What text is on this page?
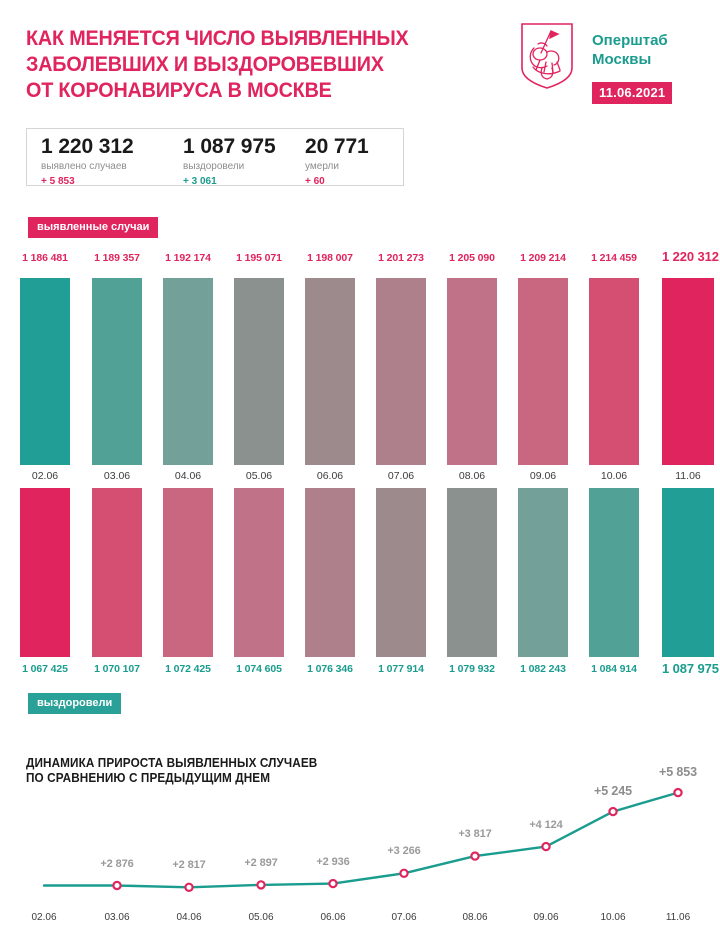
КАК МЕНЯЕТСЯ ЧИСЛО ВЫЯВЛЕННЫХ
ЗАБОЛЕВШИХ И ВЫЗДОРОВЕВШИХ
ОТ КОРОНАВИРУСА В МОСКВЕ
Оперштаб
Москвы
11.06.2021
1 220 312
выявлено случаев
+ 5 853
1 087 975
выздоровели
+ 3 061
20 771
умерли
+ 60
выявленные случаи
выздоровели
1 186 481
02.06
1 067 425
1 189 357
03.06
1 070 107
1 192 174
04.06
1 072 425
1 195 071
05.06
1 074 605
1 198 007
06.06
1 076 346
1 201 273
07.06
1 077 914
1 205 090
08.06
1 079 932
1 209 214
09.06
1 082 243
1 214 459
10.06
1 084 914
1 220 312
11.06
1 087 975
ДИНАМИКА ПРИРОСТА ВЫЯВЛЕННЫХ СЛУЧАЕВ
ПО СРАВНЕНИЮ С ПРЕДЫДУЩИМ ДНЕМ
+2 876	+2 817	+2 897	+2 936
+3 266
+3 817
+4 124
+5 245
+5 853
02.06	03.06	04.06	05.06	06.06	07.06	08.06	09.06	10.06	11.06
